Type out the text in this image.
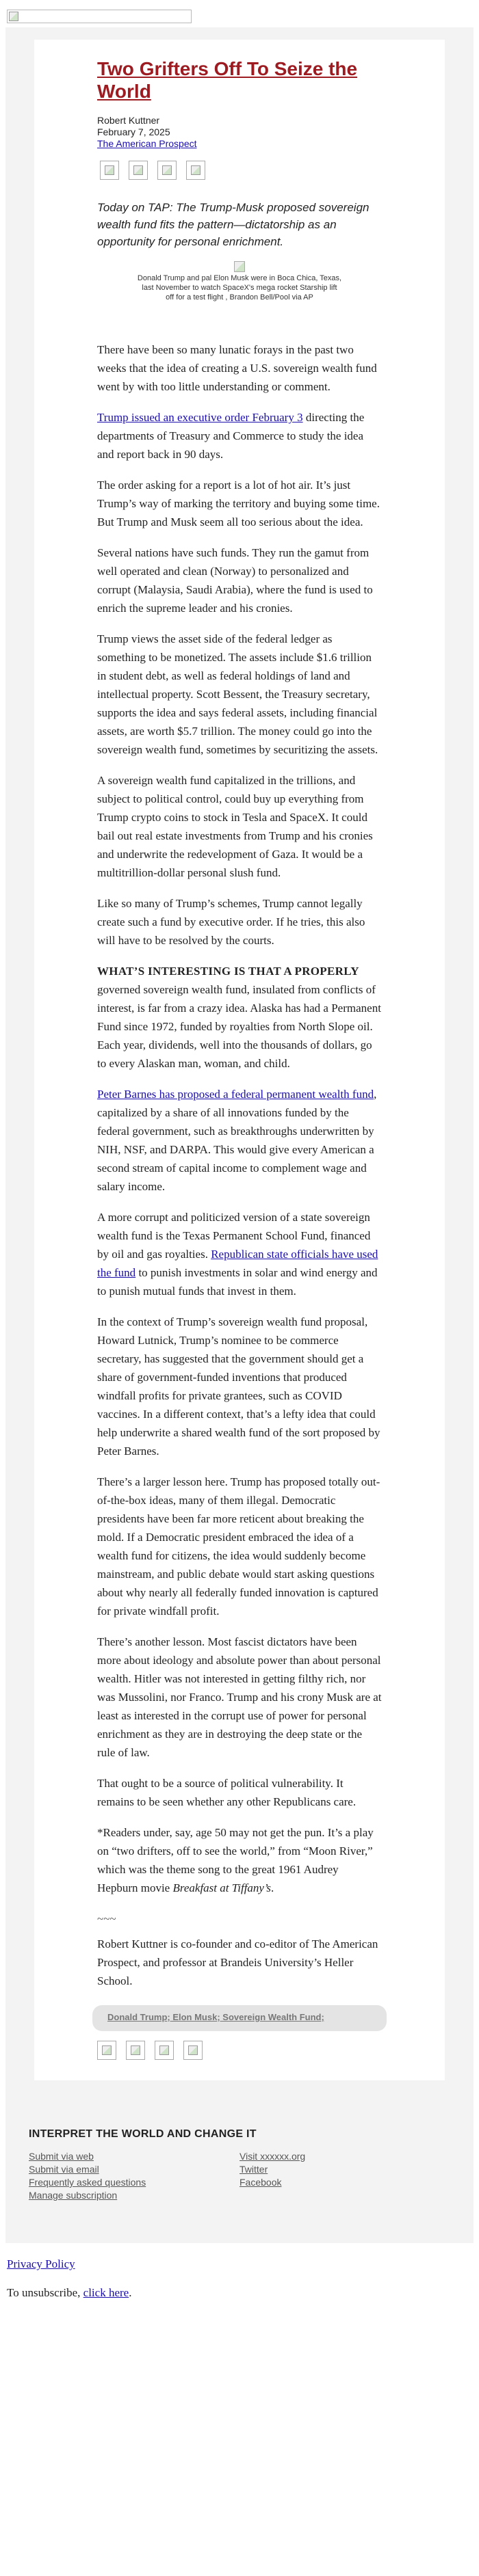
Two Grifters Off To Seize the World
Robert Kuttner
February 7, 2025
The American Prospect

Today on TAP: The Trump-Musk proposed sovereign wealth fund fits the pattern—dictatorship as an opportunity for personal enrichment.

Donald Trump and pal Elon Musk were in Boca Chica, Texas, last November to watch SpaceX's mega rocket Starship lift off for a test flight , Brandon Bell/Pool via AP

There have been so many lunatic forays in the past two weeks that the idea of creating a U.S. sovereign wealth fund went by with too little understanding or comment.

Trump issued an executive order February 3 directing the departments of Treasury and Commerce to study the idea and report back in 90 days.

The order asking for a report is a lot of hot air. It’s just Trump’s way of marking the territory and buying some time. But Trump and Musk seem all too serious about the idea.

Several nations have such funds. They run the gamut from well operated and clean (Norway) to personalized and corrupt (Malaysia, Saudi Arabia), where the fund is used to enrich the supreme leader and his cronies.

Trump views the asset side of the federal ledger as something to be monetized. The assets include $1.6 trillion in student debt, as well as federal holdings of land and intellectual property. Scott Bessent, the Treasury secretary, supports the idea and says federal assets, including financial assets, are worth $5.7 trillion. The money could go into the sovereign wealth fund, sometimes by securitizing the assets.

A sovereign wealth fund capitalized in the trillions, and subject to political control, could buy up everything from Trump crypto coins to stock in Tesla and SpaceX. It could bail out real estate investments from Trump and his cronies and underwrite the redevelopment of Gaza. It would be a multitrillion-dollar personal slush fund.

Like so many of Trump’s schemes, Trump cannot legally create such a fund by executive order. If he tries, this also will have to be resolved by the courts.

WHAT’S INTERESTING IS THAT A PROPERLY governed sovereign wealth fund, insulated from conflicts of interest, is far from a crazy idea. Alaska has had a Permanent Fund since 1972, funded by royalties from North Slope oil. Each year, dividends, well into the thousands of dollars, go to every Alaskan man, woman, and child.

Peter Barnes has proposed a federal permanent wealth fund, capitalized by a share of all innovations funded by the federal government, such as breakthroughs underwritten by NIH, NSF, and DARPA. This would give every American a second stream of capital income to complement wage and salary income.

A more corrupt and politicized version of a state sovereign wealth fund is the Texas Permanent School Fund, financed by oil and gas royalties. Republican state officials have used the fund to punish investments in solar and wind energy and to punish mutual funds that invest in them.

In the context of Trump’s sovereign wealth fund proposal, Howard Lutnick, Trump’s nominee to be commerce secretary, has suggested that the government should get a share of government-funded inventions that produced windfall profits for private grantees, such as COVID vaccines. In a different context, that’s a lefty idea that could help underwrite a shared wealth fund of the sort proposed by Peter Barnes.

There’s a larger lesson here. Trump has proposed totally out-of-the-box ideas, many of them illegal. Democratic presidents have been far more reticent about breaking the mold. If a Democratic president embraced the idea of a wealth fund for citizens, the idea would suddenly become mainstream, and public debate would start asking questions about why nearly all federally funded innovation is captured for private windfall profit.

There’s another lesson. Most fascist dictators have been more about ideology and absolute power than about personal wealth. Hitler was not interested in getting filthy rich, nor was Mussolini, nor Franco. Trump and his crony Musk are at least as interested in the corrupt use of power for personal enrichment as they are in destroying the deep state or the rule of law.

That ought to be a source of political vulnerability. It remains to be seen whether any other Republicans care.

*Readers under, say, age 50 may not get the pun. It’s a play on “two drifters, off to see the world,” from “Moon River,” which was the theme song to the great 1961 Audrey Hepburn movie Breakfast at Tiffany’s.

~~~

Robert Kuttner is co-founder and co-editor of The American Prospect, and professor at Brandeis University’s Heller School.

Donald Trump; Elon Musk; Sovereign Wealth Fund;
INTERPRET THE WORLD AND CHANGE IT
Submit via web
Submit via email
Frequently asked questions
Manage subscription
Visit xxxxxx.org
Twitter
Facebook
Privacy Policy
To unsubscribe, click here.
